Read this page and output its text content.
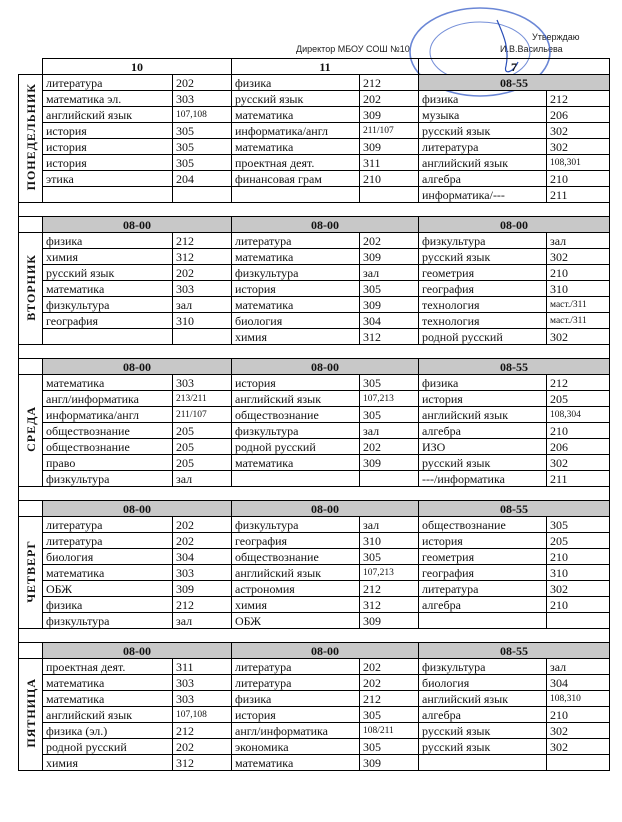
Утверждаю
Директор МБОУ СОШ №10	И.В.Васильева
	10		11		7	
ПОНЕДЕЛЬНИК	литература	202	физика	212	08-55	
	математика эл.	303	русский язык	202	физика	212
	английский язык	107,108	математика	309	музыка	206
	история	305	информатика/англ	211/107	русский язык	302
	история	305	математика	309	литература	302
	история	305	проектная деят.	311	английский язык	108,301
	этика	204	финансовая грам	210	алгебра	210
					информатика/---	211

	08-00		08-00		08-00	
ВТОРНИК	физика	212	литература	202	физкультура	зал
	химия	312	математика	309	русский язык	302
	русский язык	202	физкультура	зал	геометрия	210
	математика	303	история	305	география	310
	физкультура	зал	математика	309	технология	маст./311
	география	310	биология	304	технология	маст./311
			химия	312	родной русский	302

	08-00		08-00		08-55	
СРЕДА	математика	303	история	305	физика	212
	англ/информатика	213/211	английский язык	107,213	история	205
	информатика/англ	211/107	обществознание	305	английский язык	108,304
	обществознание	205	физкультура	зал	алгебра	210
	обществознание	205	родной русский	202	ИЗО	206
	право	205	математика	309	русский язык	302
	физкультура	зал			---/информатика	211

	08-00		08-00		08-55	
ЧЕТВЕРГ	литература	202	физкультура	зал	обществознание	305
	литература	202	география	310	история	205
	биология	304	обществознание	305	геометрия	210
	математика	303	английский язык	107,213	география	310
	ОБЖ	309	астрономия	212	литература	302
	физика	212	химия	312	алгебра	210
	физкультура	зал	ОБЖ	309		

	08-00		08-00		08-55	
ПЯТНИЦА	проектная деят.	311	литература	202	физкультура	зал
	математика	303	литература	202	биология	304
	математика	303	физика	212	английский язык	108,310
	английский язык	107,108	история	305	алгебра	210
	физика (эл.)	212	англ/информатика	108/211	русский язык	302
	родной русский	202	экономика	305	русский язык	302
	химия	312	математика	309		
